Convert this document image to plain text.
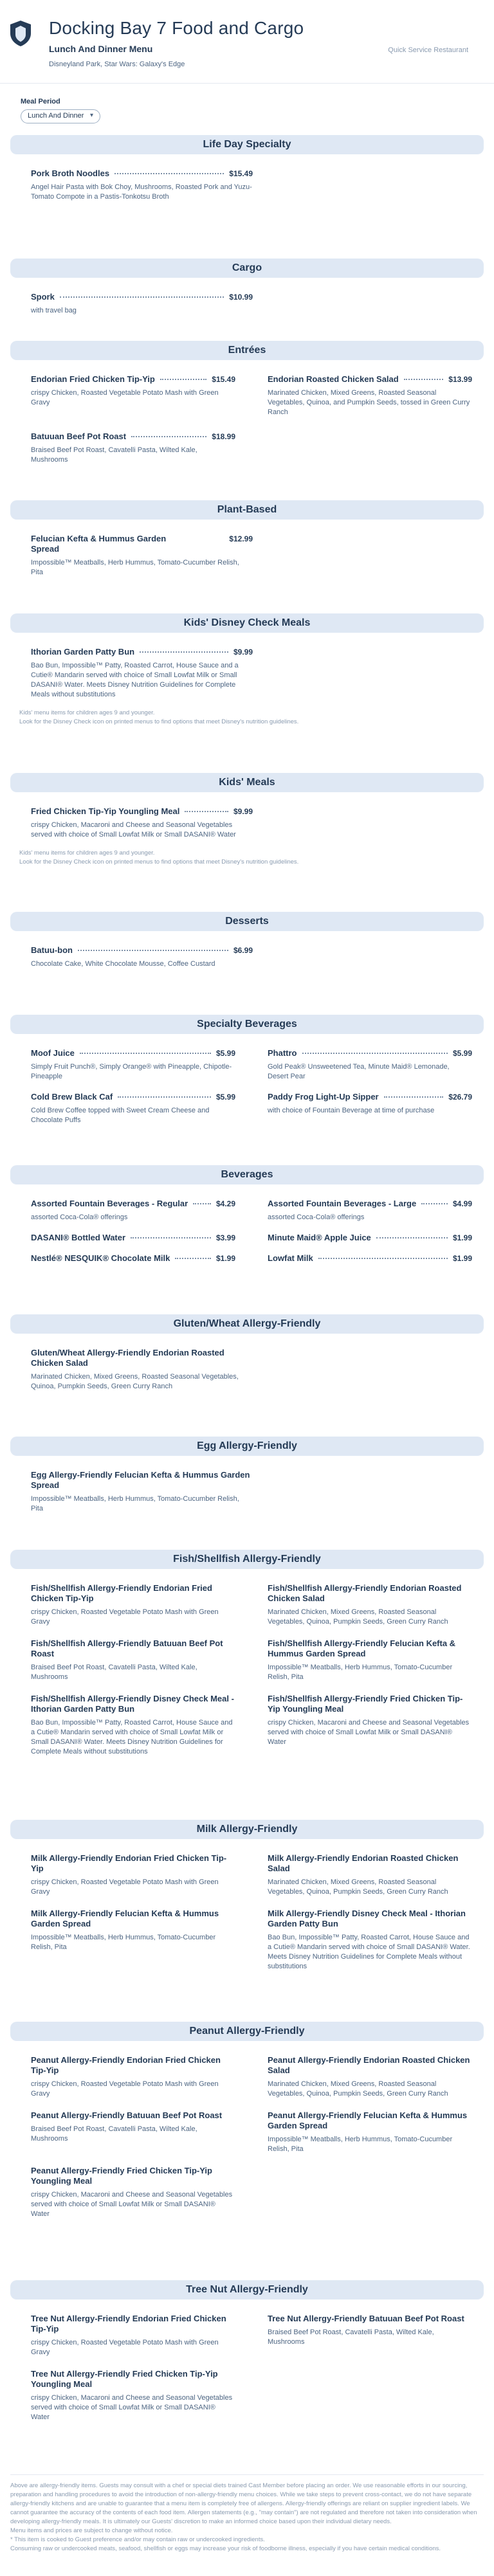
Docking Bay 7 Food and Cargo
Lunch And Dinner Menu
Disneyland Park, Star Wars: Galaxy's Edge
Quick Service Restaurant
Meal Period
Lunch And Dinner ▾
Life Day Specialty
Pork Broth Noodles	$15.49
Angel Hair Pasta with Bok Choy, Mushrooms, Roasted Pork and Yuzu-Tomato Compote in a Pastis-Tonkotsu Broth
Cargo
Spork	$10.99
with travel bag
Entrées
Endorian Fried Chicken Tip-Yip	$15.49
crispy Chicken, Roasted Vegetable Potato Mash with Green Gravy
Endorian Roasted Chicken Salad	$13.99
Marinated Chicken, Mixed Greens, Roasted Seasonal Vegetables, Quinoa, and Pumpkin Seeds, tossed in Green Curry Ranch
Batuuan Beef Pot Roast	$18.99
Braised Beef Pot Roast, Cavatelli Pasta, Wilted Kale, Mushrooms
Plant-Based
Felucian Kefta & Hummus Garden Spread
$12.99
Impossible™ Meatballs, Herb Hummus, Tomato-Cucumber Relish, Pita
Kids' Disney Check Meals
Ithorian Garden Patty Bun	$9.99
Bao Bun, Impossible™ Patty, Roasted Carrot, House Sauce and a Cutie® Mandarin served with choice of Small Lowfat Milk or Small DASANI® Water. Meets Disney Nutrition Guidelines for Complete Meals without substitutions
Kids' menu items for children ages 9 and younger.
Look for the Disney Check icon on printed menus to find options that meet Disney's nutrition guidelines.
Kids' Meals
Fried Chicken Tip-Yip Youngling Meal	$9.99
crispy Chicken, Macaroni and Cheese and Seasonal Vegetables served with choice of Small Lowfat Milk or Small DASANI® Water
Kids' menu items for children ages 9 and younger.
Look for the Disney Check icon on printed menus to find options that meet Disney's nutrition guidelines.
Desserts
Batuu-bon	$6.99
Chocolate Cake, White Chocolate Mousse, Coffee Custard
Specialty Beverages
Moof Juice	$5.99
Simply Fruit Punch®, Simply Orange® with Pineapple, Chipotle-Pineapple
Phattro	$5.99
Gold Peak® Unsweetened Tea, Minute Maid® Lemonade, Desert Pear
Cold Brew Black Caf	$5.99
Cold Brew Coffee topped with Sweet Cream Cheese and Chocolate Puffs
Paddy Frog Light-Up Sipper	$26.79
with choice of Fountain Beverage at time of purchase
Beverages
Assorted Fountain Beverages - Regular	$4.29
assorted Coca-Cola® offerings
Assorted Fountain Beverages - Large	$4.99
assorted Coca-Cola® offerings
DASANI® Bottled Water	$3.99	Minute Maid® Apple Juice	$1.99
Nestlé® NESQUIK® Chocolate Milk	$1.99	Lowfat Milk	$1.99
Gluten/Wheat Allergy-Friendly
Gluten/Wheat Allergy-Friendly Endorian Roasted Chicken Salad
Marinated Chicken, Mixed Greens, Roasted Seasonal Vegetables, Quinoa, Pumpkin Seeds, Green Curry Ranch
Egg Allergy-Friendly
Egg Allergy-Friendly Felucian Kefta & Hummus Garden Spread
Impossible™ Meatballs, Herb Hummus, Tomato-Cucumber Relish, Pita
Fish/Shellfish Allergy-Friendly
Fish/Shellfish Allergy-Friendly Endorian Fried Chicken Tip-Yip
crispy Chicken, Roasted Vegetable Potato Mash with Green Gravy
Fish/Shellfish Allergy-Friendly Endorian Roasted Chicken Salad
Marinated Chicken, Mixed Greens, Roasted Seasonal Vegetables, Quinoa, Pumpkin Seeds, Green Curry Ranch
Fish/Shellfish Allergy-Friendly Batuuan Beef Pot Roast
Braised Beef Pot Roast, Cavatelli Pasta, Wilted Kale, Mushrooms
Fish/Shellfish Allergy-Friendly Felucian Kefta & Hummus Garden Spread
Impossible™ Meatballs, Herb Hummus, Tomato-Cucumber Relish, Pita
Fish/Shellfish Allergy-Friendly Disney Check Meal - Ithorian Garden Patty Bun
Bao Bun, Impossible™ Patty, Roasted Carrot, House Sauce and a Cutie® Mandarin served with choice of Small Lowfat Milk or Small DASANI® Water. Meets Disney Nutrition Guidelines for Complete Meals without substitutions
Fish/Shellfish Allergy-Friendly Fried Chicken Tip-Yip Youngling Meal
crispy Chicken, Macaroni and Cheese and Seasonal Vegetables served with choice of Small Lowfat Milk or Small DASANI® Water
Milk Allergy-Friendly
Milk Allergy-Friendly Endorian Fried Chicken Tip-Yip
crispy Chicken, Roasted Vegetable Potato Mash with Green Gravy
Milk Allergy-Friendly Endorian Roasted Chicken Salad
Marinated Chicken, Mixed Greens, Roasted Seasonal Vegetables, Quinoa, Pumpkin Seeds, Green Curry Ranch
Milk Allergy-Friendly Felucian Kefta & Hummus Garden Spread
Impossible™ Meatballs, Herb Hummus, Tomato-Cucumber Relish, Pita
Milk Allergy-Friendly Disney Check Meal - Ithorian Garden Patty Bun
Bao Bun, Impossible™ Patty, Roasted Carrot, House Sauce and a Cutie® Mandarin served with choice of Small DASANI® Water. Meets Disney Nutrition Guidelines for Complete Meals without substitutions
Peanut Allergy-Friendly
Peanut Allergy-Friendly Endorian Fried Chicken Tip-Yip
crispy Chicken, Roasted Vegetable Potato Mash with Green Gravy
Peanut Allergy-Friendly Endorian Roasted Chicken Salad
Marinated Chicken, Mixed Greens, Roasted Seasonal Vegetables, Quinoa, Pumpkin Seeds, Green Curry Ranch
Peanut Allergy-Friendly Batuuan Beef Pot Roast
Braised Beef Pot Roast, Cavatelli Pasta, Wilted Kale, Mushrooms
Peanut Allergy-Friendly Felucian Kefta & Hummus Garden Spread
Impossible™ Meatballs, Herb Hummus, Tomato-Cucumber Relish, Pita
Peanut Allergy-Friendly Fried Chicken Tip-Yip Youngling Meal
crispy Chicken, Macaroni and Cheese and Seasonal Vegetables served with choice of Small Lowfat Milk or Small DASANI® Water
Tree Nut Allergy-Friendly
Tree Nut Allergy-Friendly Endorian Fried Chicken Tip-Yip
crispy Chicken, Roasted Vegetable Potato Mash with Green Gravy
Tree Nut Allergy-Friendly Batuuan Beef Pot Roast
Braised Beef Pot Roast, Cavatelli Pasta, Wilted Kale, Mushrooms
Tree Nut Allergy-Friendly Fried Chicken Tip-Yip Youngling Meal
crispy Chicken, Macaroni and Cheese and Seasonal Vegetables served with choice of Small Lowfat Milk or Small DASANI® Water
Above are allergy-friendly items. Guests may consult with a chef or special diets trained Cast Member before placing an order. We use reasonable efforts in our sourcing, preparation and handling procedures to avoid the introduction of non-allergy-friendly menu choices. While we take steps to prevent cross-contact, we do not have separate allergy-friendly kitchens and are unable to guarantee that a menu item is completely free of allergens. Allergy-friendly offerings are reliant on supplier ingredient labels. We cannot guarantee the accuracy of the contents of each food item. Allergen statements (e.g., "may contain") are not regulated and therefore not taken into consideration when developing allergy-friendly meals. It is ultimately our Guests' discretion to make an informed choice based upon their individual dietary needs.
Menu items and prices are subject to change without notice.
* This item is cooked to Guest preference and/or may contain raw or undercooked ingredients.
Consuming raw or undercooked meats, seafood, shellfish or eggs may increase your risk of foodborne illness, especially if you have certain medical conditions.
